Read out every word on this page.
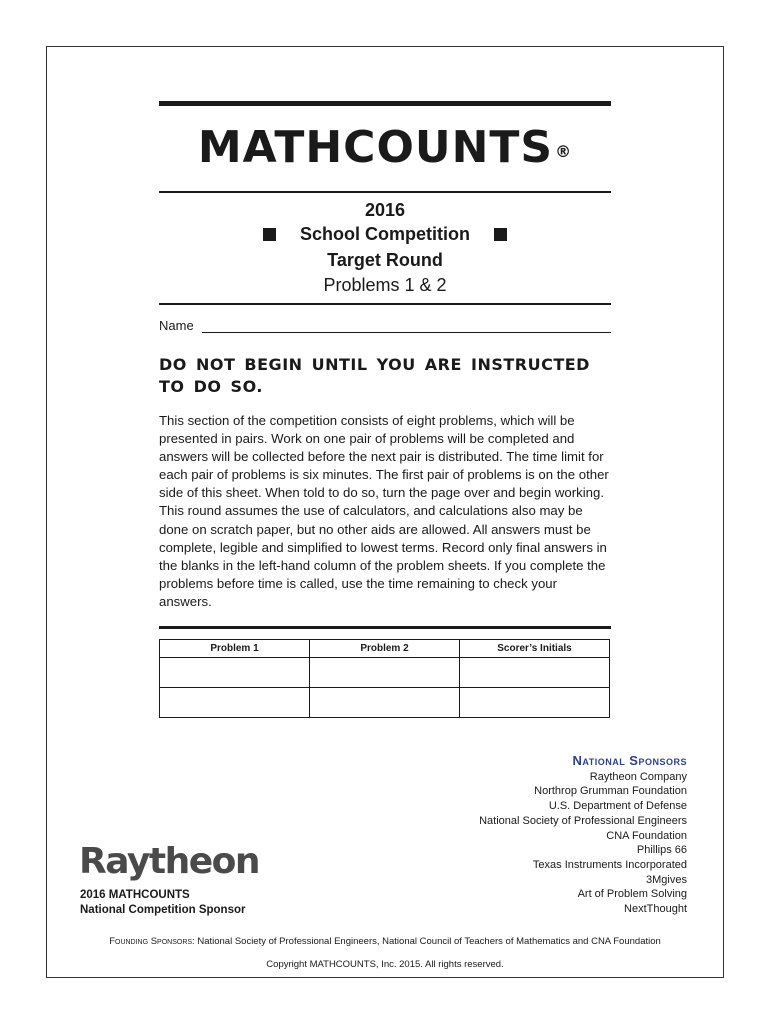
MATHCOUNTS ®
2016
School Competition
Target Round
Problems 1 & 2
Name
DO NOT BEGIN UNTIL YOU ARE INSTRUCTED TO DO SO.

This section of the competition consists of eight problems, which will be presented in pairs. Work on one pair of problems will be completed and answers will be collected before the next pair is distributed. The time limit for each pair of problems is six minutes. The first pair of problems is on the other side of this sheet. When told to do so, turn the page over and begin working. This round assumes the use of calculators, and calculations also may be done on scratch paper, but no other aids are allowed. All answers must be complete, legible and simplified to lowest terms. Record only final answers in the blanks in the left-hand column of the problem sheets. If you complete the problems before time is called, use the time remaining to check your answers.

Problem 1	Problem 2	Scorer’s Initials

National Sponsors
Raytheon Company
Northrop Grumman Foundation
U.S. Department of Defense
National Society of Professional Engineers
CNA Foundation
Phillips 66
Texas Instruments Incorporated
3Mgives
Art of Problem Solving
NextThought
Raytheon
2016 MATHCOUNTS
National Competition Sponsor
Founding Sponsors: National Society of Professional Engineers, National Council of Teachers of Mathematics and CNA Foundation
Copyright MATHCOUNTS, Inc. 2015. All rights reserved.
